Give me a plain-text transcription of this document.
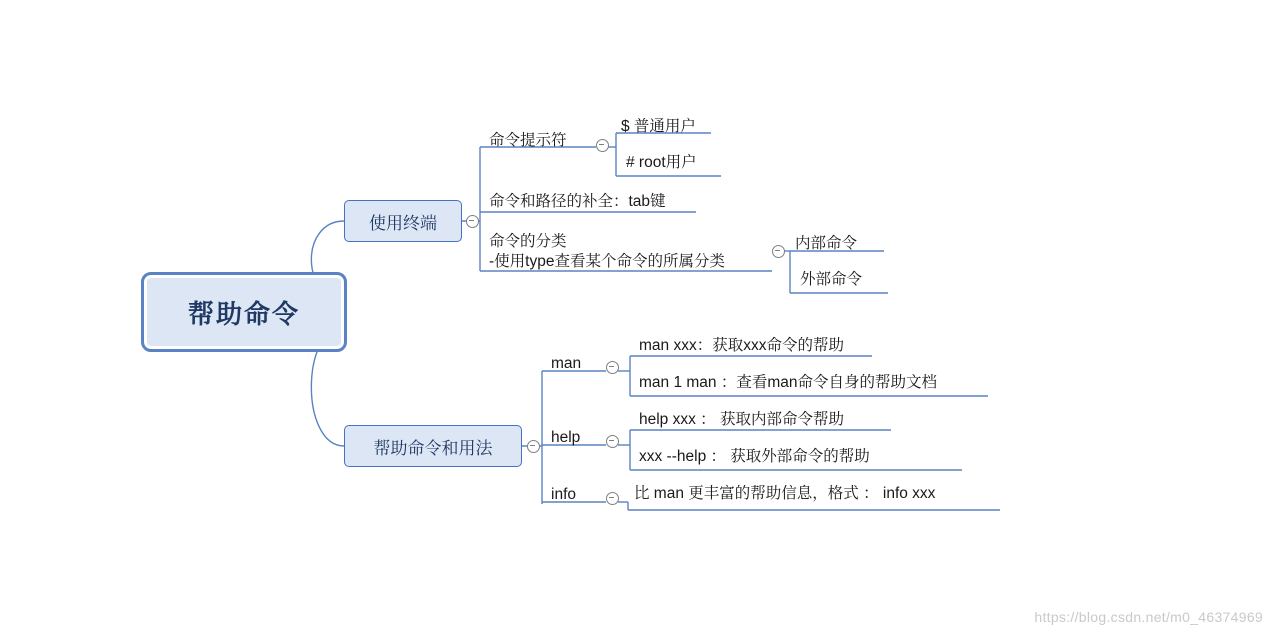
帮助命令
使用终端
帮助命令和用法
命令提示符
$ 普通用户
# root用户
命令和路径的补全：tab键
命令的分类
-使用type查看某个命令的所属分类
内部命令
外部命令
man
man xxx：获取xxx命令的帮助
man 1 man ：查看man命令自身的帮助文档
help
help xxx ： 获取内部命令帮助
xxx --help ： 获取外部命令的帮助
info	比 man 更丰富的帮助信息，格式 ： info xxx
https://blog.csdn.net/m0_46374969
